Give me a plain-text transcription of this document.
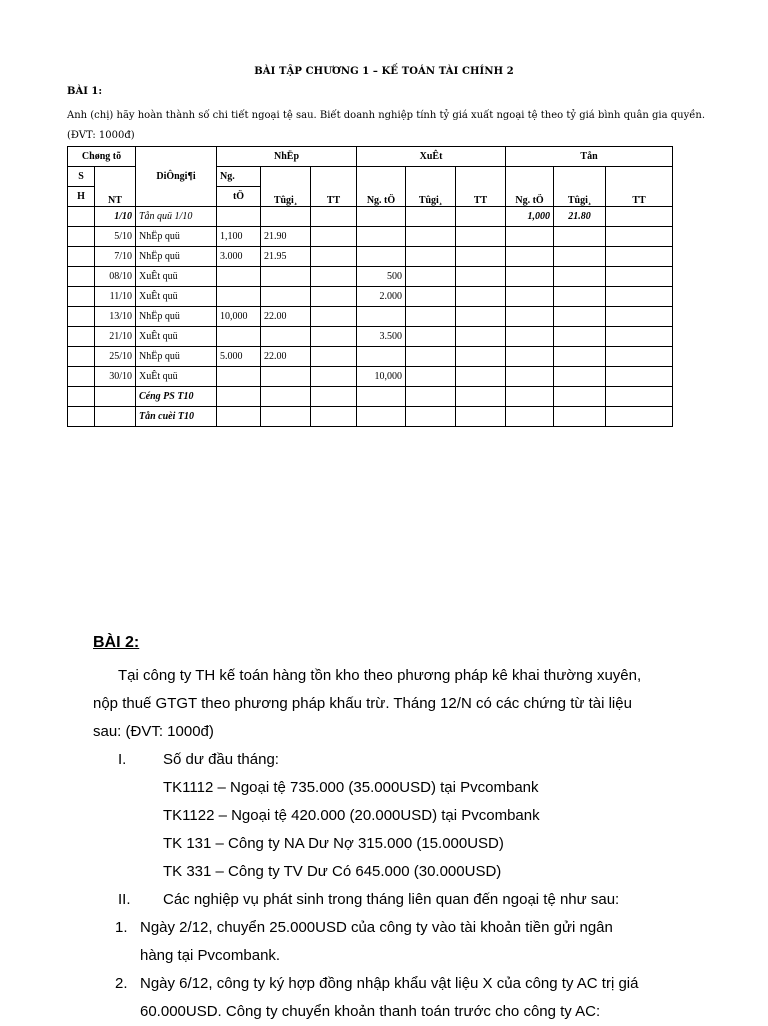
BÀI TẬP CHƯƠNG 1 – KẾ TOÁN TÀI CHÍNH 2
BÀI 1:
Anh (chị) hãy hoàn thành số chi tiết ngoại tệ sau. Biết doanh nghiệp tính tỷ giá xuất ngoại tệ theo tỷ giá bình quân gia quyền.
(ĐVT: 1000đ)
Chøng tõ		DiÔngi¶i	NhËp			XuÊt			Tån		
S	NT		Ng.	Tûgi¸	TT	Ng. tÖ	Tûgi¸	TT	Ng. tÖ	Tûgi¸	TT
H			tÖ								
	1/10	Tån quü 1/10							1,000	21.80	
	5/10	NhËp quü	1,100	21.90							
	7/10	NhËp quü	3.000	21.95							
	08/10	XuÊt quü				500					
	11/10	XuÊt quü				2.000					
	13/10	NhËp quü	10,000	22.00							
	21/10	XuÊt quü				3.500					
	25/10	NhËp quü	5.000	22.00							
	30/10	XuÊt quü				10,000					
		Céng PS T10									
		Tån cuèi T10									
BÀI 2:
Tại công ty TH kế toán hàng tồn kho theo phương pháp kê khai thường xuyên,
nộp thuế GTGT theo phương pháp khấu trừ. Tháng 12/N có các chứng từ tài liệu
sau: (ĐVT: 1000đ)
I. Số dư đầu tháng:
TK1112 – Ngoại tệ 735.000 (35.000USD) tại Pvcombank
TK1122 – Ngoại tệ 420.000 (20.000USD) tại Pvcombank
TK 131 – Công ty NA Dư Nợ 315.000 (15.000USD)
TK 331 – Công ty TV Dư Có 645.000 (30.000USD)
II. Các nghiệp vụ phát sinh trong tháng liên quan đến ngoại tệ như sau:
1. Ngày 2/12, chuyển 25.000USD của công ty vào tài khoản tiền gửi ngân
hàng tại Pvcombank.
2. Ngày 6/12, công ty ký hợp đồng nhập khẩu vật liệu X của công ty AC trị giá
60.000USD. Công ty chuyển khoản thanh toán trước cho công ty AC:
